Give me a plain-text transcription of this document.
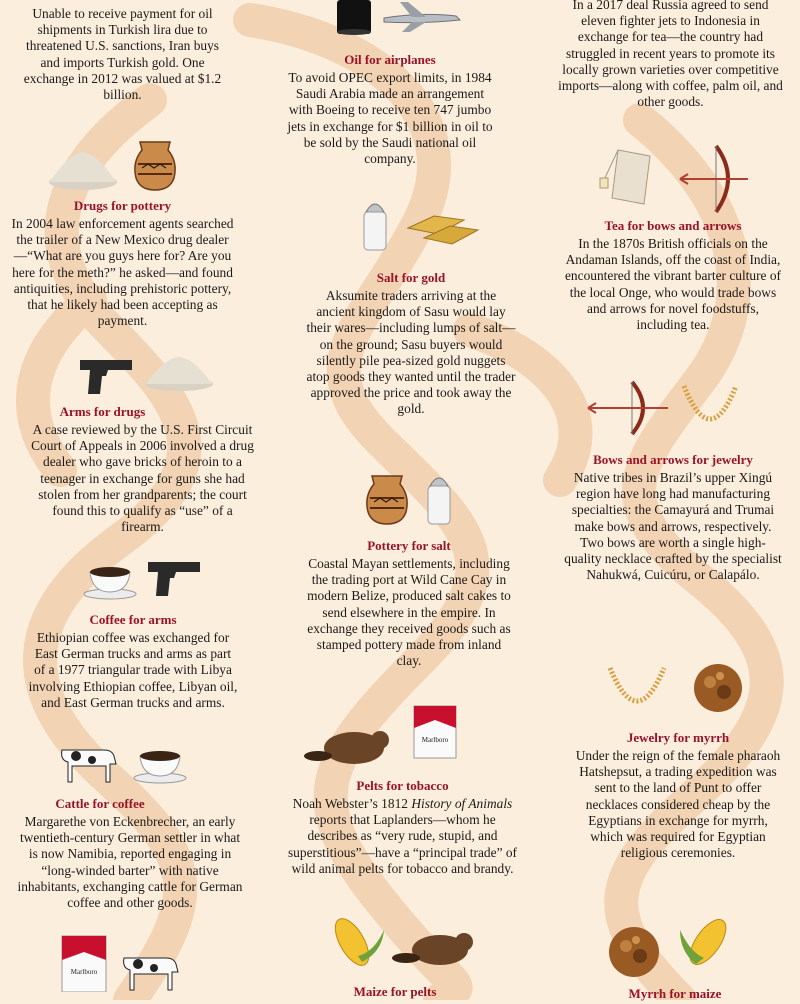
Unable to receive payment for oil shipments in Turkish lira due to threatened U.S. sanctions, Iran buys and imports Turkish gold. One exchange in 2012 was valued at $1.2 billion.

Drugs for pottery

In 2004 law enforcement agents searched the trailer of a New Mexico drug dealer—“What are you guys here for? Are you here for the meth?” he asked—and found antiquities, including prehistoric pottery, that he likely had been accepting as payment.

Arms for drugs

A case reviewed by the U.S. First Circuit Court of Appeals in 2006 involved a drug dealer who gave bricks of heroin to a teenager in exchange for guns she had stolen from her grandparents; the court found this to qualify as “use” of a firearm.

Coffee for arms

Ethiopian coffee was exchanged for East German trucks and arms as part of a 1977 triangular trade with Libya involving Ethiopian coffee, Libyan oil, and East German trucks and arms.

Cattle for coffee

Margarethe von Eckenbrecher, an early twentieth-century German settler in what is now Namibia, reported engaging in “long-winded barter” with native inhabitants, exchanging cattle for German coffee and other goods.

Marlboro
Oil for airplanes

To avoid OPEC export limits, in 1984 Saudi Arabia made an arrangement with Boeing to receive ten 747 jumbo jets in exchange for $1 billion in oil to be sold by the Saudi national oil company.

Salt for gold

Aksumite traders arriving at the ancient kingdom of Sasu would lay their wares—including lumps of salt—on the ground; Sasu buyers would silently pile pea-sized gold nuggets atop goods they wanted until the trader approved the price and took away the gold.

Pottery for salt

Coastal Mayan settlements, including the trading port at Wild Cane Cay in modern Belize, produced salt cakes to send elsewhere in the empire. In exchange they received goods such as stamped pottery made from inland clay.

Marlboro
Pelts for tobacco

Noah Webster’s 1812 History of Animals reports that Laplanders—whom he describes as “very rude, stupid, and superstitious”—have a “principal trade” of wild animal pelts for tobacco and brandy.

Maize for pelts

In a 2017 deal Russia agreed to send eleven fighter jets to Indonesia in exchange for tea—the country had struggled in recent years to promote its locally grown varieties over competitive imports—along with coffee, palm oil, and other goods.

Tea for bows and arrows

In the 1870s British officials on the Andaman Islands, off the coast of India, encountered the vibrant barter culture of the local Onge, who would trade bows and arrows for novel foodstuffs, including tea.

Bows and arrows for jewelry

Native tribes in Brazil’s upper Xingú region have long had manufacturing specialties: the Camayurá and Trumai make bows and arrows, respectively. Two bows are worth a single high-quality necklace crafted by the specialist Nahukwá, Cuicúru, or Calapálo.

Jewelry for myrrh

Under the reign of the female pharaoh Hatshepsut, a trading expedition was sent to the land of Punt to offer necklaces considered cheap by the Egyptians in exchange for myrrh, which was required for Egyptian religious ceremonies.

Myrrh for maize
